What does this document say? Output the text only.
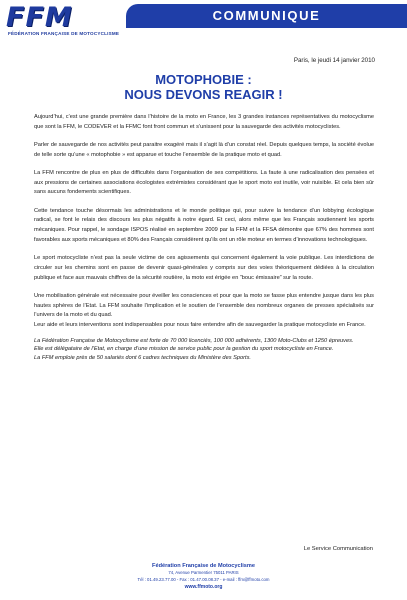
FFM
FÉDÉRATION FRANÇAISE DE MOTOCYCLISME
COMMUNIQUE
Paris, le jeudi 14 janvier 2010
MOTOPHOBIE :
NOUS DEVONS REAGIR !

Aujourd’hui, c’est une grande première dans l’histoire de la moto en France, les 3 grandes instances représentatives du motocyclisme que sont la FFM, le CODEVER et la FFMC font front commun et s’unissent pour la sauvegarde des activités motocyclistes.

Parler de sauvegarde de nos activités peut paraitre exagéré mais il s’agit là d’un constat réel. Depuis quelques temps, la société évolue de telle sorte qu’une « motophobie » est apparue et touche l’ensemble de la pratique moto et quad.

La FFM rencontre de plus en plus de difficultés dans l’organisation de ses compétitions. La faute à une radicalisation des pensées et aux pressions de certaines associations écologistes extrémistes considérant que le sport moto est inutile, voir nuisible. Et cela bien sûr sans aucuns fondements scientifiques.

Cette tendance touche désormais les administrations et le monde politique qui, pour suivre la tendance d’un lobbying écologique radical, se font le relais des discours les plus négatifs à notre égard. Et ceci, alors même que les Français soutiennent les sports mécaniques. Pour rappel, le sondage ISPOS réalisé en septembre 2009 par la FFM et la FFSA démontre que 67% des hommes sont favorables aux sports mécaniques et 80% des Français considèrent qu’ils ont un rôle moteur en termes d’innovations technologiques.

Le sport motocycliste n’est pas la seule victime de ces agissements qui concernent également la voie publique. Les interdictions de circuler sur les chemins sont en passe de devenir quasi-générales y compris sur des voies théoriquement dédiées à la circulation publique et face aux mauvais chiffres de la sécurité routière, la moto est érigée en “bouc émissaire” sur la route.

Une mobilisation générale est nécessaire pour éveiller les consciences et pour que la moto se fasse plus entendre jusque dans les plus hautes sphères de l’Etat. La FFM souhaite l’implication et le soutien de l’ensemble des nombreux organes de presses spécialisés sur l’univers de la moto et du quad.

Leur aide et leurs interventions sont indispensables pour nous faire entendre afin de sauvegarder la pratique motocycliste en France.

La Fédération Française de Motocyclisme est forte de 70 000 licenciés, 100 000 adhérents, 1300 Moto-Clubs et 1250 épreuves.

Elle est délégataire de l’Etat, en charge d’une mission de service public pour la gestion du sport motocycliste en France.

La FFM emploie près de 50 salariés dont 6 cadres techniques du Ministère des Sports.

Le Service Communication
Fédération Française de Motocyclisme
74, Avenue Parmentier 75011 PARIS
Tél : 01.49.23.77.00 - Fax : 01.47.00.08.37 - e-mail : ffm@ffmoto.com
www.ffmoto.org
